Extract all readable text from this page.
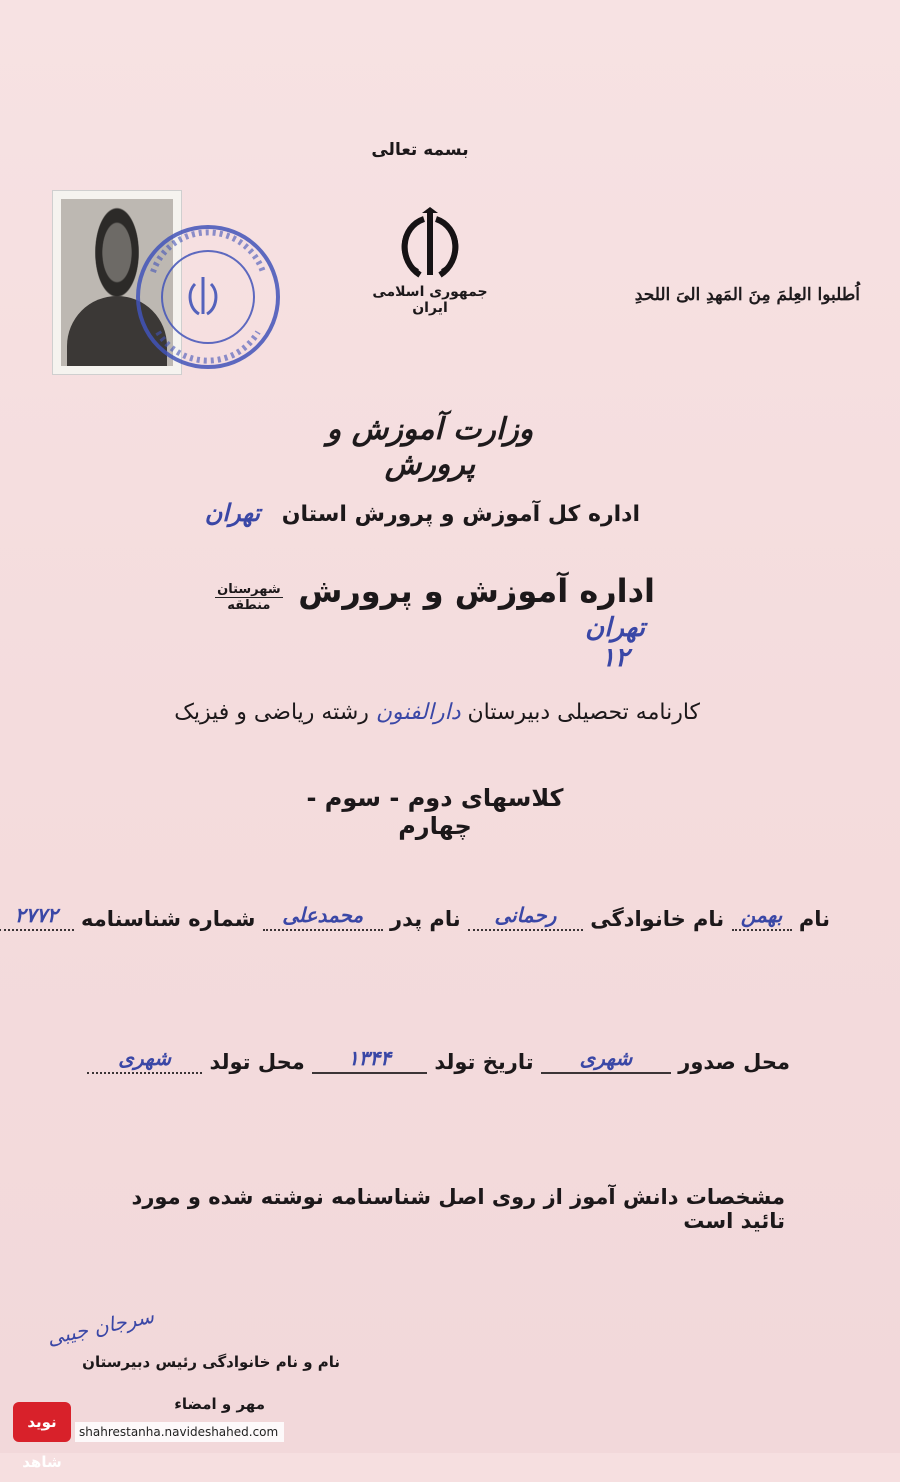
بسمه تعالی
جمهوری اسلامی ایران
اُطلبوا العِلمَ مِنَ المَهدِ الیَ اللحدِ
وزارت آموزش و پرورش
اداره کل آموزش و پرورش استان تهران
اداره آموزش و پرورش
شهرستان
منطقه

تهران
۱۲
کارنامه تحصیلی دبیرستان دارالفنون رشته ریاضی و فیزیک
کلاسهای دوم - سوم - چهارم
نام بهمن نام خانوادگی رحمانی نام پدر محمدعلی شماره شناسنامه ۲۷۷۲
محل صدور شهری تاریخ تولد ۱۳۴۴ محل تولد شهری
مشخصات دانش آموز از روی اصل شناسنامه نوشته شده و مورد تائید است
سرجان جیبی
نام و نام خانوادگی رئیس دبیرستان
مهر و امضاء
نوید شاهد
shahrestanha.navideshahed.com
